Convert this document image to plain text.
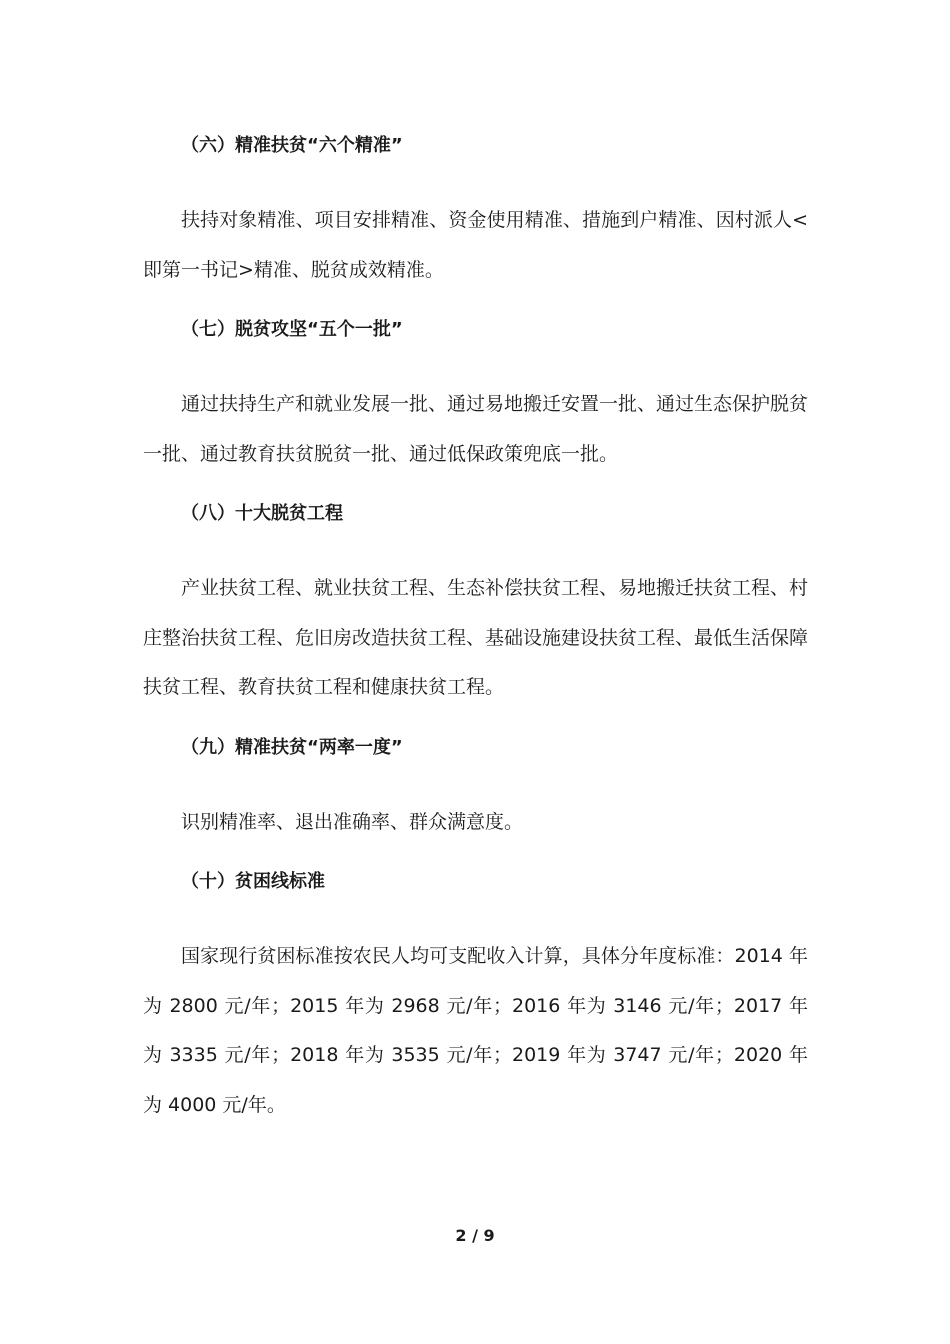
（六）精准扶贫“六个精准”

扶持对象精准、项目安排精准、资金使用精准、措施到户精准、因村派人<即第一书记>精准、脱贫成效精准。

（七）脱贫攻坚“五个一批”

通过扶持生产和就业发展一批、通过易地搬迁安置一批、通过生态保护脱贫一批、通过教育扶贫脱贫一批、通过低保政策兜底一批。

（八）十大脱贫工程

产业扶贫工程、就业扶贫工程、生态补偿扶贫工程、易地搬迁扶贫工程、村庄整治扶贫工程、危旧房改造扶贫工程、基础设施建设扶贫工程、最低生活保障扶贫工程、教育扶贫工程和健康扶贫工程。

（九）精准扶贫“两率一度”

识别精准率、退出准确率、群众满意度。

（十）贫困线标准

国家现行贫困标准按农民人均可支配收入计算，具体分年度标准：2014 年为 2800 元/年；2015 年为 2968 元/年；2016 年为 3146 元/年；2017 年为 3335 元/年；2018 年为 3535 元/年；2019 年为 3747 元/年；2020 年为 4000 元/年。

2 / 9
